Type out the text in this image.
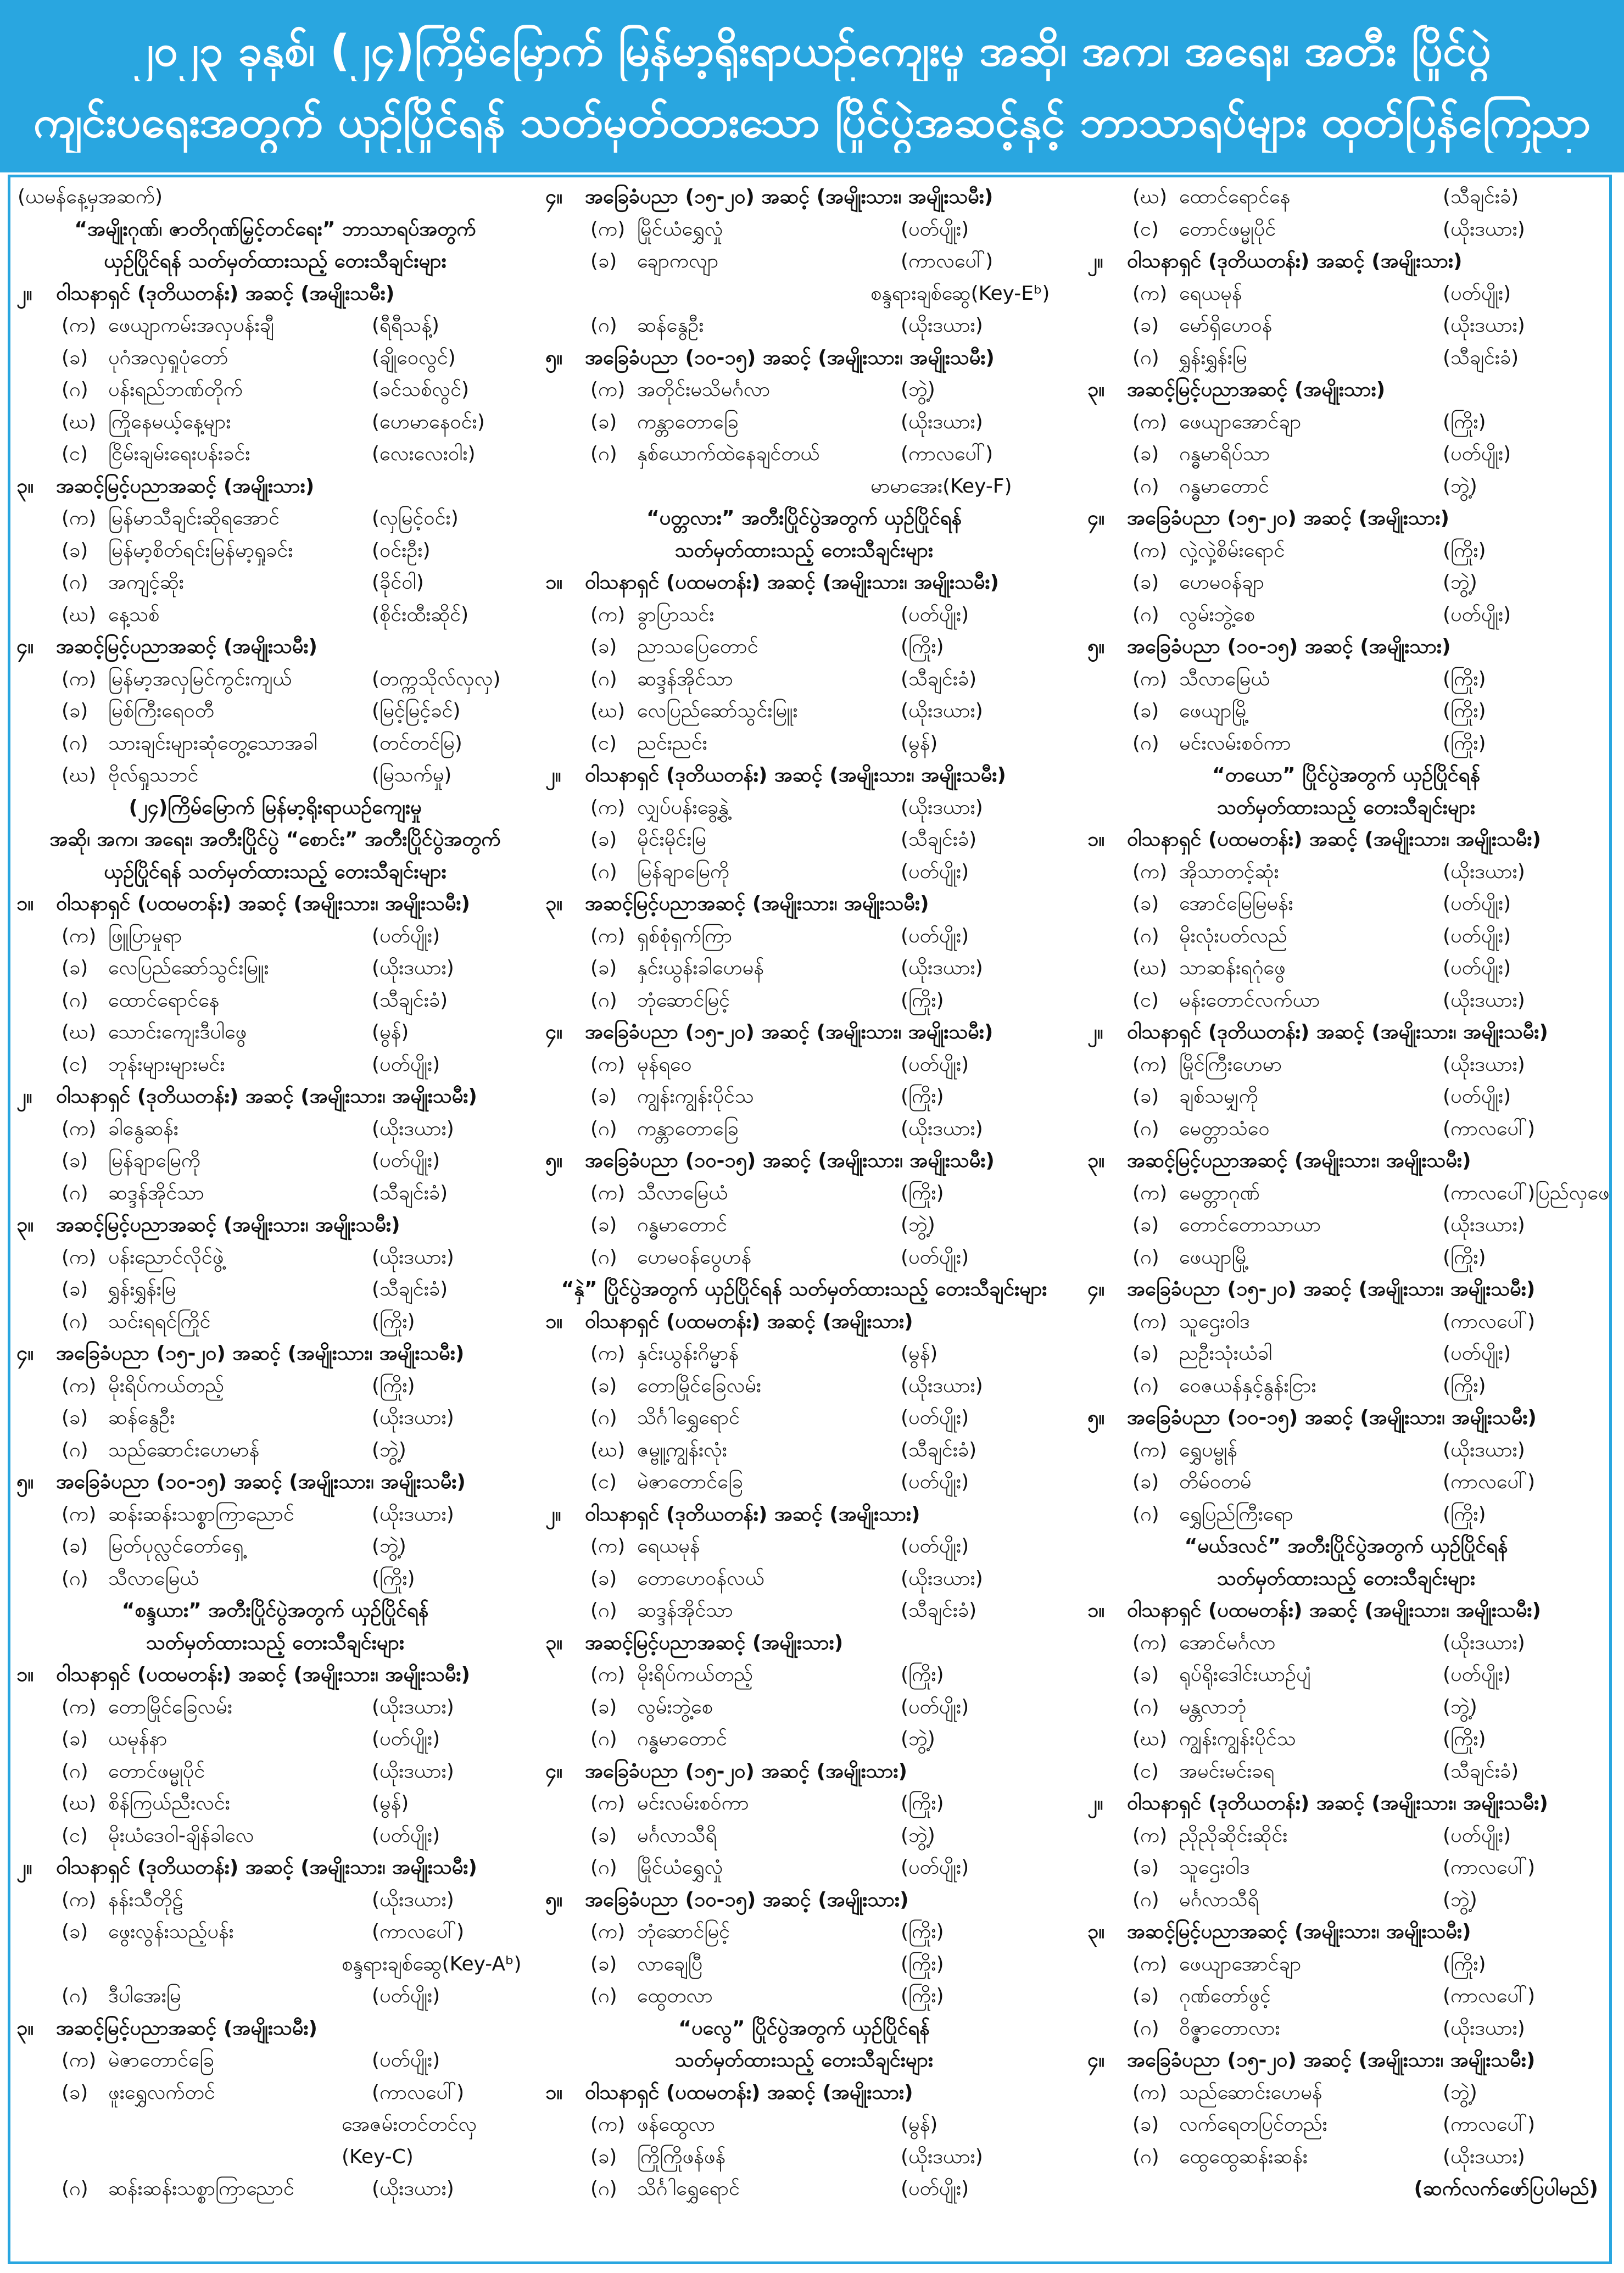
၂၀၂၃ ခုနှစ်၊ (၂၄)ကြိမ်မြောက် မြန်မာ့ရိုးရာယဉ်ကျေးမှု အဆို၊ အက၊ အရေး၊ အတီး ပြိုင်ပွဲ
ကျင်းပရေးအတွက် ယှဉ်ပြိုင်ရန် သတ်မှတ်ထားသော ပြိုင်ပွဲအဆင့်နှင့် ဘာသာရပ်များ ထုတ်ပြန်ကြေညာ
(ယမန်နေ့မှအဆက်)
“အမျိုးဂုဏ်၊ ဇာတိဂုဏ်မြှင့်တင်ရေး” ဘာသာရပ်အတွက်
ယှဉ်ပြိုင်ရန် သတ်မှတ်ထားသည့် တေးသီချင်းများ
၂။	ဝါသနာရှင် (ဒုတိယတန်း) အဆင့် (အမျိုးသမီး)
(က) ဖေယျာကမ်းအလှပန်းချီ	(ရီရီသန့်)
(ခ)	ပုဂံအလှရှုပုံတော်	(ချိုဝေလွင်)
(ဂ)	ပန်းရည်ဘဏ်တိုက်	(ခင်သစ်လွင်)
(ဃ) ကြိုနေမယ့်နေ့များ	(ဟေမာနေဝင်း)
(င)	ငြိမ်းချမ်းရေးပန်းခင်း	(လေးလေးဝါး)
၃။	အဆင့်မြင့်ပညာအဆင့် (အမျိုးသား)
(က) မြန်မာသီချင်းဆိုရအောင်	(လှမြင့်ဝင်း)
(ခ)	မြန်မာ့စိတ်ရင်းမြန်မာ့ရှုခင်း	(ဝင်းဦး)
(ဂ)	အကျင့်ဆိုး	(ခိုင်ဝါ)
(ဃ) နေ့သစ်	(စိုင်းထီးဆိုင်)
၄။	အဆင့်မြင့်ပညာအဆင့် (အမျိုးသမီး)
(က) မြန်မာ့အလှမြင်ကွင်းကျယ်	(တက္ကသိုလ်လှလှ)
(ခ)	မြစ်ကြီးရေဝတီ	(မြင့်မြင့်ခင်)
(ဂ)	သားချင်းများဆုံတွေ့သောအခါ	(တင်တင်မြ)
(ဃ) ဗိုလ်ရှုသဘင်	(မြသက်မှု)
(၂၄)ကြိမ်မြောက် မြန်မာ့ရိုးရာယဉ်ကျေးမှု
အဆို၊ အက၊ အရေး၊ အတီးပြိုင်ပွဲ “စောင်း” အတီးပြိုင်ပွဲအတွက်
ယှဉ်ပြိုင်ရန် သတ်မှတ်ထားသည့် တေးသီချင်းများ
၁။	ဝါသနာရှင် (ပထမတန်း) အဆင့် (အမျိုးသား၊ အမျိုးသမီး)
(က) ဖြူပြာမှုရာ	(ပတ်ပျိုး)
(ခ)	လေပြည်ဆော်သွင်းမြူး	(ယိုးဒယား)
(ဂ)	ထောင်ရောင်နေ	(သီချင်းခံ)
(ဃ) သောင်းကျေးဒီပါဖွေ	(မွန်)
(င)	ဘုန်းများများမင်း	(ပတ်ပျိုး)
၂။	ဝါသနာရှင် (ဒုတိယတန်း) အဆင့် (အမျိုးသား၊ အမျိုးသမီး)
(က) ခါနွေဆန်း	(ယိုးဒယား)
(ခ)	မြန်ချာမြေကို	(ပတ်ပျိုး)
(ဂ)	ဆဒ္ဒန်အိုင်သာ	(သီချင်းခံ)
၃။	အဆင့်မြင့်ပညာအဆင့် (အမျိုးသား၊ အမျိုးသမီး)
(က) ပန်းညောင်လိုင်ဖွဲ့	(ယိုးဒယား)
(ခ)	ရွှန်းရွှန်းမြ	(သီချင်းခံ)
(ဂ)	သင်းရရင်ကြိုင်	(ကြိုး)
၄။	အခြေခံပညာ (၁၅-၂၀) အဆင့် (အမျိုးသား၊ အမျိုးသမီး)
(က) မိုးရိပ်ကယ်တည့်	(ကြိုး)
(ခ)	ဆန်နွေဦး	(ယိုးဒယား)
(ဂ)	သည်ဆောင်းဟေမာန်	(ဘွဲ့)
၅။	အခြေခံပညာ (၁၀-၁၅) အဆင့် (အမျိုးသား၊ အမျိုးသမီး)
(က) ဆန်းဆန်းသစ္စာကြာညောင်	(ယိုးဒယား)
(ခ)	မြတ်ပုလ္လင်တော်ရှေ့	(ဘွဲ့)
(ဂ)	သီလာမြေယံ	(ကြိုး)
“စန္ဒယား” အတီးပြိုင်ပွဲအတွက် ယှဉ်ပြိုင်ရန်
သတ်မှတ်ထားသည့် တေးသီချင်းများ
၁။	ဝါသနာရှင် (ပထမတန်း) အဆင့် (အမျိုးသား၊ အမျိုးသမီး)
(က) တောမြိုင်ခြေလမ်း	(ယိုးဒယား)
(ခ)	ယမုန်နာ	(ပတ်ပျိုး)
(ဂ)	တောင်ဖမ္မုပိုင်	(ယိုးဒယား)
(ဃ) စိန်ကြယ်ညီးလင်း	(မွန်)
(င)	မိုးယံဒေဝါ-ချိန်ခါလေ	(ပတ်ပျိုး)
၂။	ဝါသနာရှင် (ဒုတိယတန်း) အဆင့် (အမျိုးသား၊ အမျိုးသမီး)
(က) နန်းသီတိုဠ်	(ယိုးဒယား)
(ခ)	ဖွေးလွန်းသည့်ပန်း	(ကာလပေါ်)
စန္ဒရားချစ်ဆွေ(Key-Aᵇ)
(ဂ)	ဒီပါအေးမြ	(ပတ်ပျိုး)
၃။	အဆင့်မြင့်ပညာအဆင့် (အမျိုးသမီး)
(က) မဲဇာတောင်ခြေ	(ပတ်ပျိုး)
(ခ)	ဖူးရွှေလက်တင်	(ကာလပေါ်)
အေဇမ်းတင်တင်လှ
(Key-C)
(ဂ)	ဆန်းဆန်းသစ္စာကြာညောင်	(ယိုးဒယား)
၄။	အခြေခံပညာ (၁၅-၂၀) အဆင့် (အမျိုးသား၊ အမျိုးသမီး)
(က) မြိုင်ယံရွှေလှုံ	(ပတ်ပျိုး)
(ခ)	ချောကလျာ	(ကာလပေါ်)
စန္ဒရားချစ်ဆွေ(Key-Eᵇ)
(ဂ)	ဆန်နွေဦး	(ယိုးဒယား)
၅။	အခြေခံပညာ (၁၀-၁၅) အဆင့် (အမျိုးသား၊ အမျိုးသမီး)
(က) အတိုင်းမသိမင်္ဂလာ	(ဘွဲ့)
(ခ)	ကန္တာတောခြေ	(ယိုးဒယား)
(ဂ)	နှစ်ယောက်ထဲနေချင်တယ်	(ကာလပေါ်)
မာမာအေး(Key-F)
“ပတ္တလား” အတီးပြိုင်ပွဲအတွက် ယှဉ်ပြိုင်ရန်
သတ်မှတ်ထားသည့် တေးသီချင်းများ
၁။	ဝါသနာရှင် (ပထမတန်း) အဆင့် (အမျိုးသား၊ အမျိုးသမီး)
(က) ခွာပြာသင်း	(ပတ်ပျိုး)
(ခ)	ညာသပြေတောင်	(ကြိုး)
(ဂ)	ဆဒ္ဒန်အိုင်သာ	(သီချင်းခံ)
(ဃ) လေပြည်ဆော်သွင်းမြူး	(ယိုးဒယား)
(င)	ညင်းညင်း	(မွန်)
၂။	ဝါသနာရှင် (ဒုတိယတန်း) အဆင့် (အမျိုးသား၊ အမျိုးသမီး)
(က) လျှပ်ပန်းခွေ့နွဲ့	(ယိုးဒယား)
(ခ)	မိုင်းမိုင်းမြ	(သီချင်းခံ)
(ဂ)	မြန်ချာမြေကို	(ပတ်ပျိုး)
၃။	အဆင့်မြင့်ပညာအဆင့် (အမျိုးသား၊ အမျိုးသမီး)
(က) ရှစ်စုံရှက်ကြာ	(ပတ်ပျိုး)
(ခ)	နှင်းယွန်းခါဟေမန်	(ယိုးဒယား)
(ဂ)	ဘုံဆောင်မြင့်	(ကြိုး)
၄။	အခြေခံပညာ (၁၅-၂၀) အဆင့် (အမျိုးသား၊ အမျိုးသမီး)
(က) မုန်ရဝေ	(ပတ်ပျိုး)
(ခ)	ကျွန်းကျွန်းပိုင်သ	(ကြိုး)
(ဂ)	ကန္တာတောခြေ	(ယိုးဒယား)
၅။	အခြေခံပညာ (၁၀-၁၅) အဆင့် (အမျိုးသား၊ အမျိုးသမီး)
(က) သီလာမြေယံ	(ကြိုး)
(ခ)	ဂန္ဓမာတောင်	(ဘွဲ့)
(ဂ)	ဟေမဝန်ပွေဟန်	(ပတ်ပျိုး)
“နှဲ” ပြိုင်ပွဲအတွက် ယှဉ်ပြိုင်ရန် သတ်မှတ်ထားသည့် တေးသီချင်းများ
၁။	ဝါသနာရှင် (ပထမတန်း) အဆင့် (အမျိုးသား)
(က) နှင်းယွန်းဂိမ္မာန်	(မွန်)
(ခ)	တောမြိုင်ခြေလမ်း	(ယိုးဒယား)
(ဂ)	သိင်္ဂါရွှေရောင်	(ပတ်ပျိုး)
(ဃ) ဇမ္ဗူ့ကျွန်းလုံး	(သီချင်းခံ)
(င)	မဲဇာတောင်ခြေ	(ပတ်ပျိုး)
၂။	ဝါသနာရှင် (ဒုတိယတန်း) အဆင့် (အမျိုးသား)
(က) ရေယမုန်	(ပတ်ပျိုး)
(ခ)	တောဟေဝန်လယ်	(ယိုးဒယား)
(ဂ)	ဆဒ္ဒန်အိုင်သာ	(သီချင်းခံ)
၃။	အဆင့်မြင့်ပညာအဆင့် (အမျိုးသား)
(က) မိုးရိပ်ကယ်တည့်	(ကြိုး)
(ခ)	လွမ်းဘွဲ့စေ	(ပတ်ပျိုး)
(ဂ)	ဂန္ဓမာတောင်	(ဘွဲ့)
၄။	အခြေခံပညာ (၁၅-၂၀) အဆင့် (အမျိုးသား)
(က) မင်းလမ်းစဝ်ကာ	(ကြိုး)
(ခ)	မင်္ဂလာသီရိ	(ဘွဲ့)
(ဂ)	မြိုင်ယံရွှေလှုံ	(ပတ်ပျိုး)
၅။	အခြေခံပညာ (၁၀-၁၅) အဆင့် (အမျိုးသား)
(က) ဘုံဆောင်မြင့်	(ကြိုး)
(ခ)	လာချေပြီ	(ကြိုး)
(ဂ)	ထွေတလာ	(ကြိုး)
“ပလွေ” ပြိုင်ပွဲအတွက် ယှဉ်ပြိုင်ရန်
သတ်မှတ်ထားသည့် တေးသီချင်းများ
၁။	ဝါသနာရှင် (ပထမတန်း) အဆင့် (အမျိုးသား)
(က) ဖန်ထွေလာ	(မွန်)
(ခ)	ကြိုကြိုဖန်ဖန်	(ယိုးဒယား)
(ဂ)	သိင်္ဂါရွှေရောင်	(ပတ်ပျိုး)
(ဃ) ထောင်ရောင်နေ	(သီချင်းခံ)
(င)	တောင်ဖမ္မုပိုင်	(ယိုးဒယား)
၂။	ဝါသနာရှင် (ဒုတိယတန်း) အဆင့် (အမျိုးသား)
(က) ရေယမုန်	(ပတ်ပျိုး)
(ခ)	မော်ရှိဟေဝန်	(ယိုးဒယား)
(ဂ)	ရွှန်းရွှန်းမြ	(သီချင်းခံ)
၃။	အဆင့်မြင့်ပညာအဆင့် (အမျိုးသား)
(က) ဖေယျာအောင်ချာ	(ကြိုး)
(ခ)	ဂန္ဓမာရိပ်သာ	(ပတ်ပျိုး)
(ဂ)	ဂန္ဓမာတောင်	(ဘွဲ့)
၄။	အခြေခံပညာ (၁၅-၂၀) အဆင့် (အမျိုးသား)
(က) လှဲ့လှဲ့စိမ်းရောင်	(ကြိုး)
(ခ)	ဟေမဝန်ချာ	(ဘွဲ့)
(ဂ)	လွမ်းဘွဲ့စေ	(ပတ်ပျိုး)
၅။	အခြေခံပညာ (၁၀-၁၅) အဆင့် (အမျိုးသား)
(က) သီလာမြေယံ	(ကြိုး)
(ခ)	ဖေယျာမြို့	(ကြိုး)
(ဂ)	မင်းလမ်းစဝ်ကာ	(ကြိုး)
“တယော” ပြိုင်ပွဲအတွက် ယှဉ်ပြိုင်ရန်
သတ်မှတ်ထားသည့် တေးသီချင်းများ
၁။	ဝါသနာရှင် (ပထမတန်း) အဆင့် (အမျိုးသား၊ အမျိုးသမီး)
(က) အိုသာတင့်ဆုံး	(ယိုးဒယား)
(ခ)	အောင်မြေမြမန်း	(ပတ်ပျိုး)
(ဂ)	မိုးလုံးပတ်လည်	(ပတ်ပျိုး)
(ဃ) သာဆန်းရဂုံဖွေ	(ပတ်ပျိုး)
(င)	မန်းတောင်လက်ယာ	(ယိုးဒယား)
၂။	ဝါသနာရှင် (ဒုတိယတန်း) အဆင့် (အမျိုးသား၊ အမျိုးသမီး)
(က) မြိုင်ကြီးဟေမာ	(ယိုးဒယား)
(ခ)	ချစ်သမျှကို	(ပတ်ပျိုး)
(ဂ)	မေတ္တာသံဝေ	(ကာလပေါ်)
၃။	အဆင့်မြင့်ပညာအဆင့် (အမျိုးသား၊ အမျိုးသမီး)
(က) မေတ္တာဂုဏ်	(ကာလပေါ်)ပြည်လှဖေ
(ခ)	တောင်တောသာယာ	(ယိုးဒယား)
(ဂ)	ဖေယျာမြို့	(ကြိုး)
၄။	အခြေခံပညာ (၁၅-၂၀) အဆင့် (အမျိုးသား၊ အမျိုးသမီး)
(က) သူဌေးဝါဒ	(ကာလပေါ်)
(ခ)	ညဦးသုံးယံခါ	(ပတ်ပျိုး)
(ဂ)	ဝေဇယန်နှင့်နွန်းငြား	(ကြိုး)
၅။	အခြေခံပညာ (၁၀-၁၅) အဆင့် (အမျိုးသား၊ အမျိုးသမီး)
(က) ရွှေပမ္ဗုန်	(ယိုးဒယား)
(ခ)	တိမ်ဝတမ်	(ကာလပေါ်)
(ဂ)	ရွှေပြည်ကြီးရော	(ကြိုး)
“မယ်ဒလင်” အတီးပြိုင်ပွဲအတွက် ယှဉ်ပြိုင်ရန်
သတ်မှတ်ထားသည့် တေးသီချင်းများ
၁။	ဝါသနာရှင် (ပထမတန်း) အဆင့် (အမျိုးသား၊ အမျိုးသမီး)
(က) အောင်မင်္ဂလာ	(ယိုးဒယား)
(ခ)	ရုပ်ရိုးဒေါင်းယာဉ်ပျံ	(ပတ်ပျိုး)
(ဂ)	မန္တလာဘုံ	(ဘွဲ့)
(ဃ) ကျွန်းကျွန်းပိုင်သ	(ကြိုး)
(င)	အမင်းမင်းခရ	(သီချင်းခံ)
၂။	ဝါသနာရှင် (ဒုတိယတန်း) အဆင့် (အမျိုးသား၊ အမျိုးသမီး)
(က) ညိုညိုဆိုင်းဆိုင်း	(ပတ်ပျိုး)
(ခ)	သူဌေးဝါဒ	(ကာလပေါ်)
(ဂ)	မင်္ဂလာသီရိ	(ဘွဲ့)
၃။	အဆင့်မြင့်ပညာအဆင့် (အမျိုးသား၊ အမျိုးသမီး)
(က) ဖေယျာအောင်ချာ	(ကြိုး)
(ခ)	ဂုဏ်တော်ဖွင့်	(ကာလပေါ်)
(ဂ)	ဝိဇ္ဇာတောလား	(ယိုးဒယား)
၄။	အခြေခံပညာ (၁၅-၂၀) အဆင့် (အမျိုးသား၊ အမျိုးသမီး)
(က) သည်ဆောင်းဟေမန်	(ဘွဲ့)
(ခ)	လက်ရေတပြင်တည်း	(ကာလပေါ်)
(ဂ)	ထွေထွေဆန်းဆန်း	(ယိုးဒယား)
(ဆက်လက်ဖော်ပြပါမည်)
